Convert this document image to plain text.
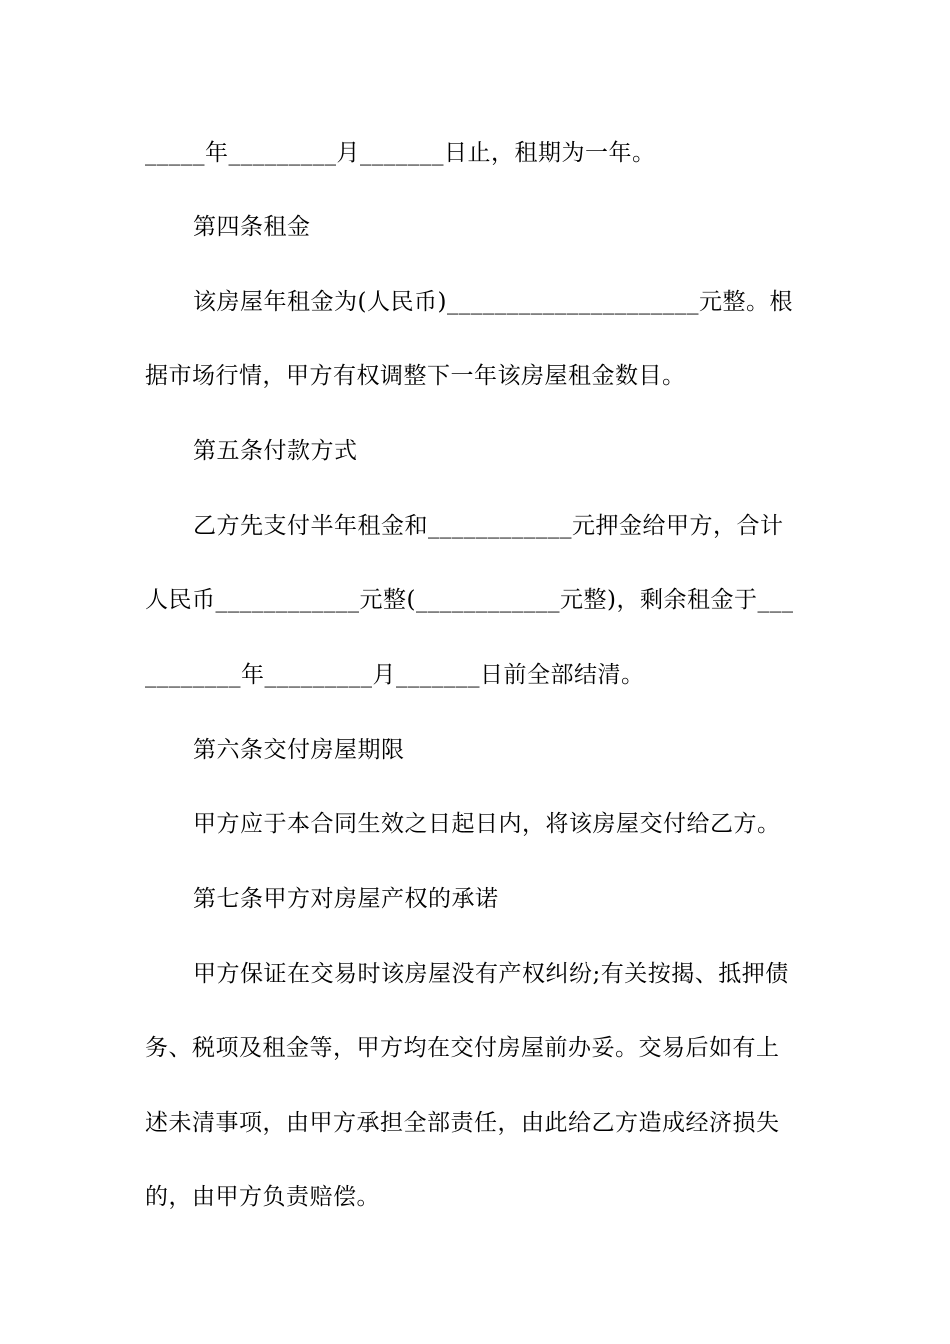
_____年_________月_______日止，租期为一年。
第四条租金
该房屋年租金为(人民币)_____________________元整。根
据市场行情，甲方有权调整下一年该房屋租金数目。
第五条付款方式
乙方先支付半年租金和____________元押金给甲方，合计
人民币____________元整(____________元整)，剩余租金于___
________年_________月_______日前全部结清。
第六条交付房屋期限
甲方应于本合同生效之日起日内，将该房屋交付给乙方。
第七条甲方对房屋产权的承诺
甲方保证在交易时该房屋没有产权纠纷;有关按揭、抵押债
务、税项及租金等，甲方均在交付房屋前办妥。交易后如有上
述未清事项，由甲方承担全部责任，由此给乙方造成经济损失
的，由甲方负责赔偿。
